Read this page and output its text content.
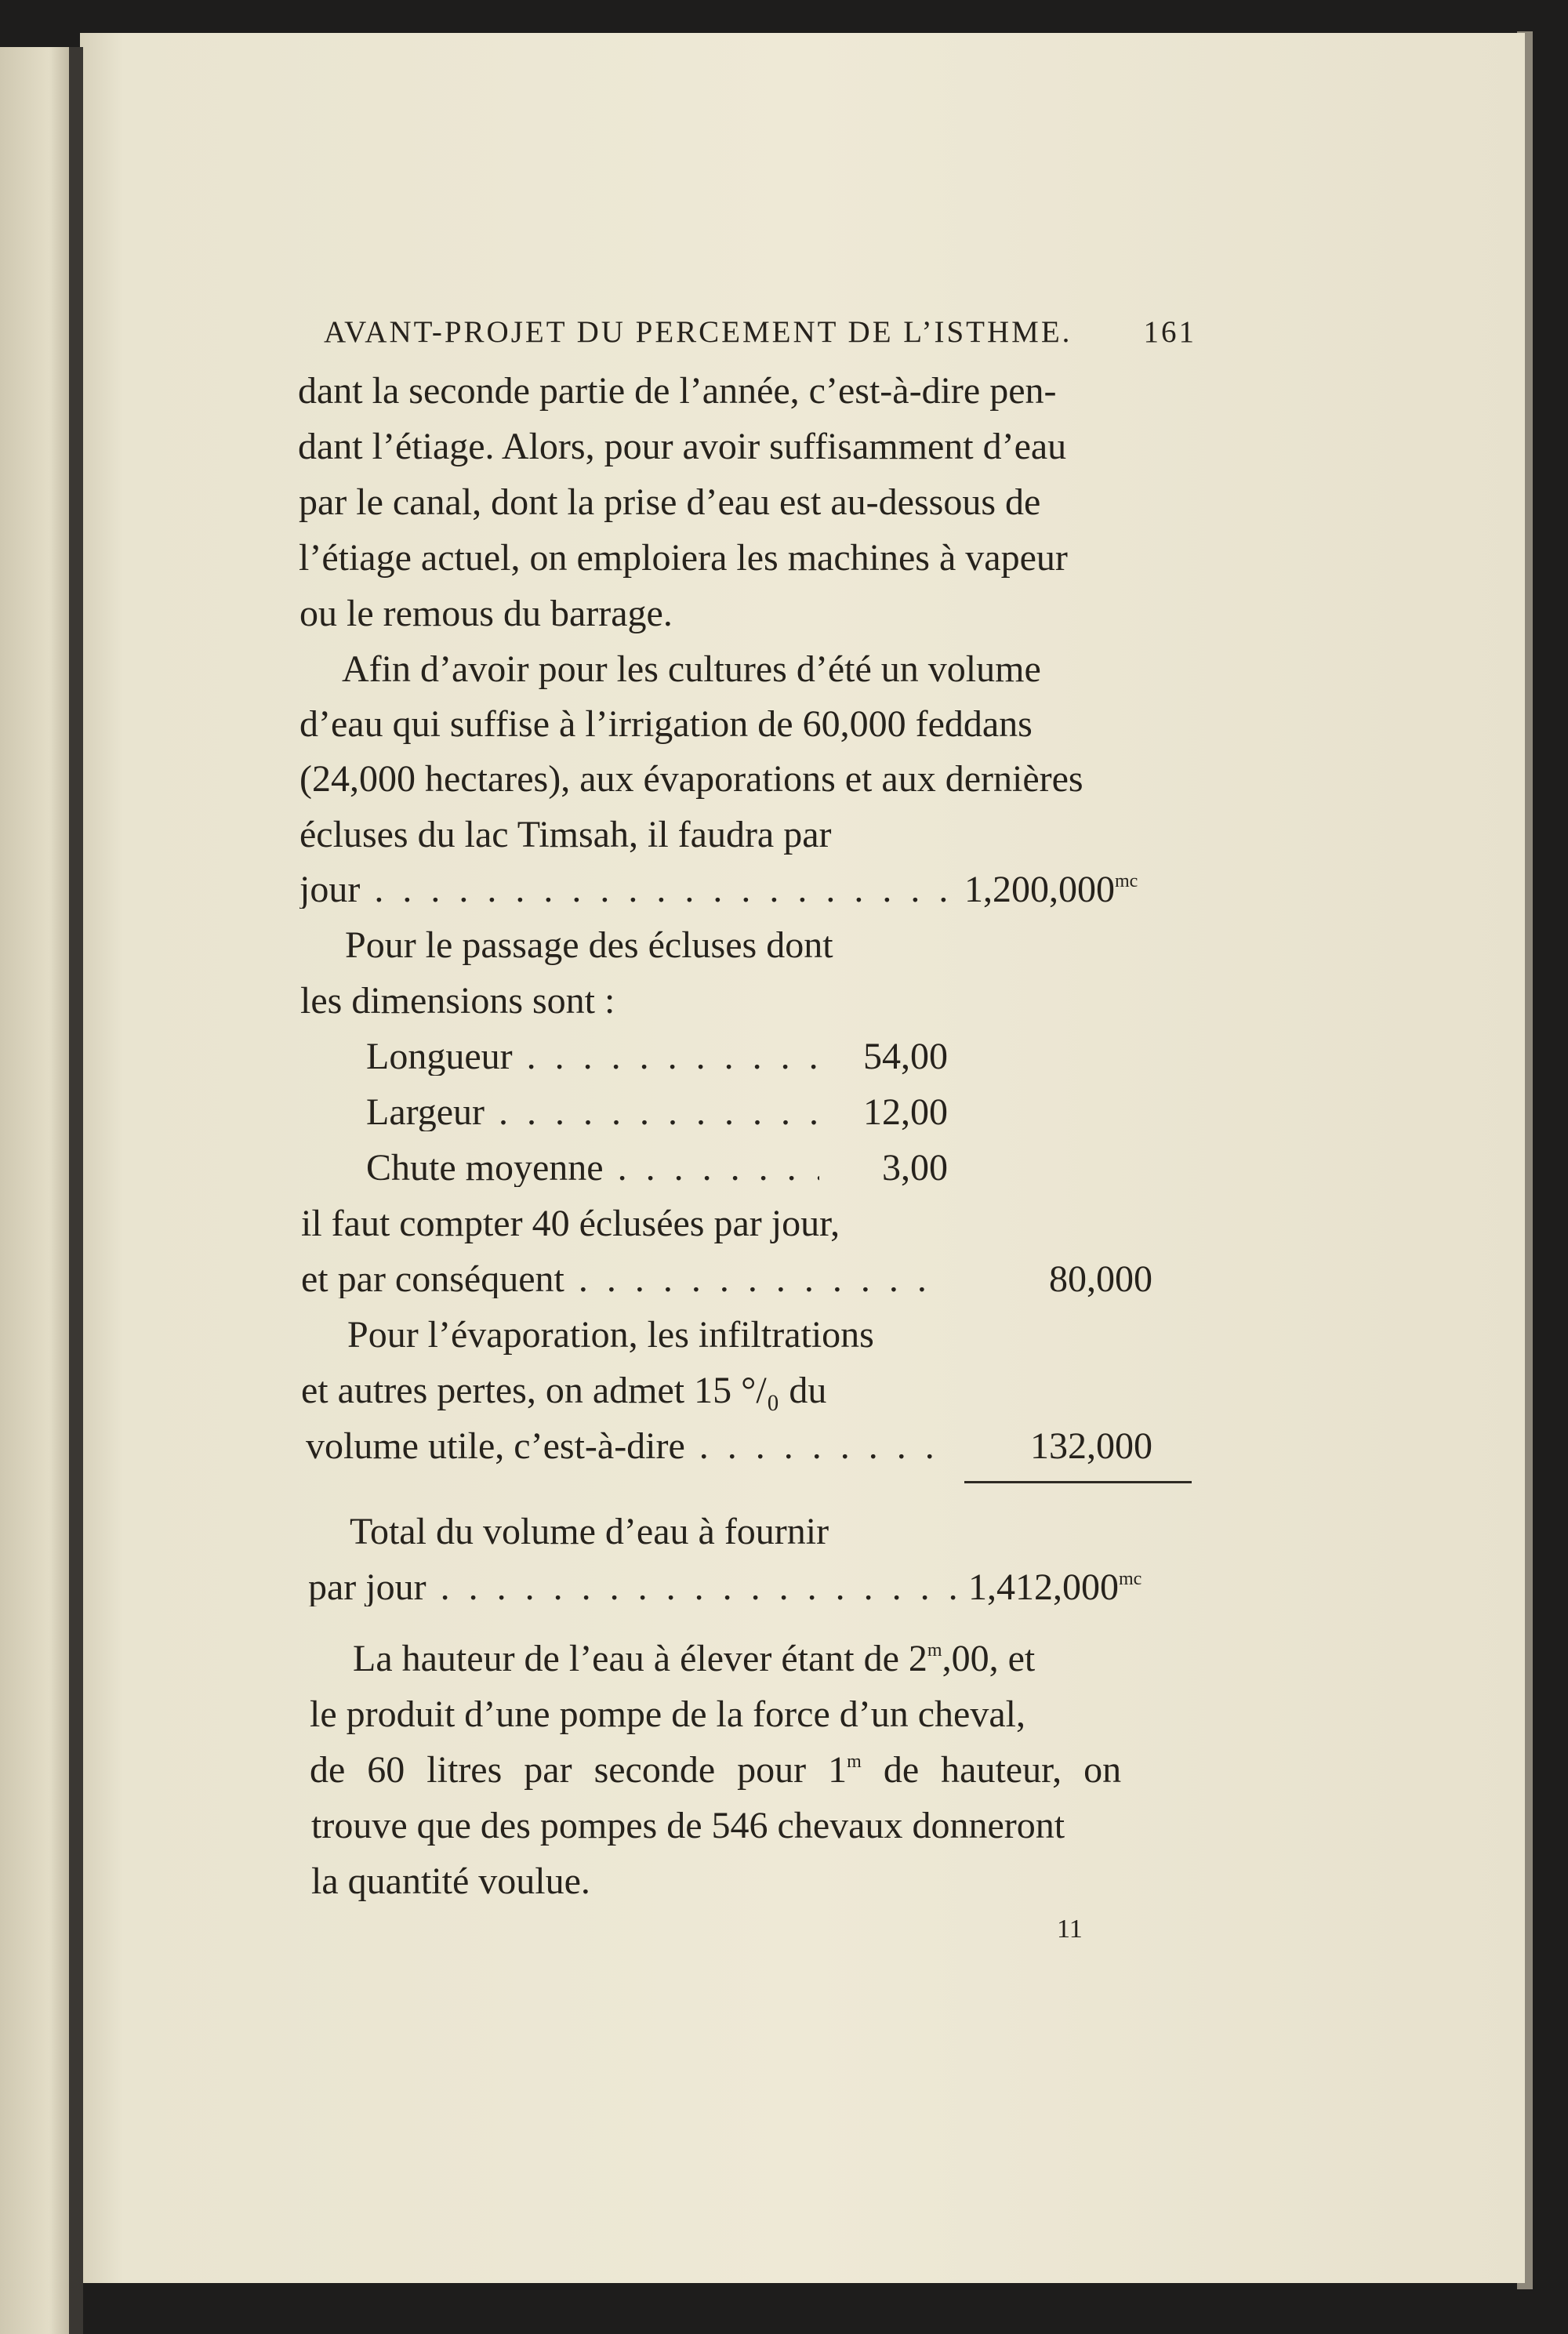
AVANT-PROJET DU PERCEMENT DE L’ISTHME. 161
dant la seconde partie de l’année, c’est-à-dire pen-
dant l’étiage. Alors, pour avoir suffisamment d’eau
par le canal, dont la prise d’eau est au-dessous de
l’étiage actuel, on emploiera les machines à vapeur
ou le remous du barrage.
Afin d’avoir pour les cultures d’été un volume
d’eau qui suffise à l’irrigation de 60,000 feddans
(24,000 hectares), aux évaporations et aux dernières
écluses du lac Timsah, il faudra par
jour . . .	$1,200,000^{mc}$
Pour le passage des écluses dont
les dimensions sont :
Longueur . . .	54,00
Largeur . . .	12,00
Chute moyenne . . .	3,00
il faut compter 40 éclusées par jour,
et par conséquent . . .	80,000
Pour l’évaporation, les infiltrations
et autres pertes, on admet 15 °/₀ du
volume utile, c’est-à-dire . . .	132,000
Total du volume d’eau à fournir
par jour . . .	$1,412,000^{mc}$
La hauteur de l’eau à élever étant de 2$^m$,00, et
le produit d’une pompe de la force d’un cheval,
de 60 litres par seconde pour 1$^m$ de hauteur, on
trouve que des pompes de 546 chevaux donneront
la quantité voulue.
11
